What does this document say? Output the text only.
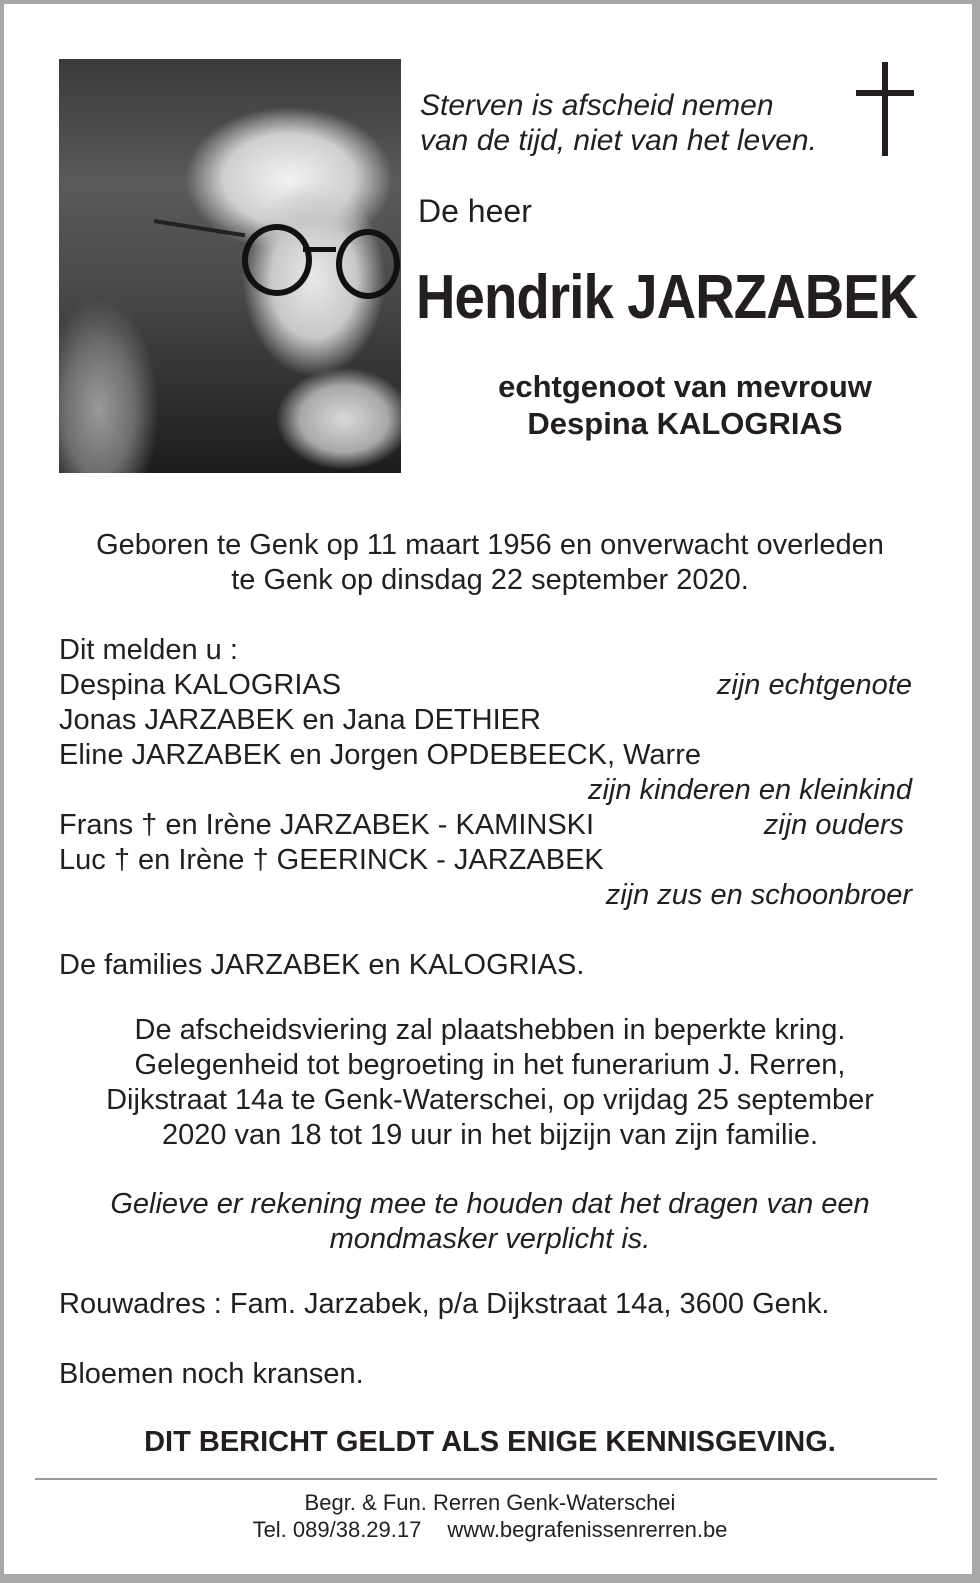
Sterven is afscheid nemen
van de tijd, niet van het leven.
De heer
Hendrik JARZABEK
echtgenoot van mevrouw
Despina KALOGRIAS
Geboren te Genk op 11 maart 1956 en onverwacht overleden
te Genk op dinsdag 22 september 2020.
Dit melden u :
Despina KALOGRIAS	zijn echtgenote
Jonas JARZABEK en Jana DETHIER
Eline JARZABEK en Jorgen OPDEBEECK, Warre
zijn kinderen en kleinkind
Frans † en Irène JARZABEK - KAMINSKI	zijn ouders
Luc † en Irène † GEERINCK - JARZABEK
zijn zus en schoonbroer
De families JARZABEK en KALOGRIAS.
De afscheidsviering zal plaatshebben in beperkte kring.
Gelegenheid tot begroeting in het funerarium J. Rerren,
Dijkstraat 14a te Genk-Waterschei, op vrijdag 25 september
2020 van 18 tot 19 uur in het bijzijn van zijn familie.
Gelieve er rekening mee te houden dat het dragen van een
mondmasker verplicht is.
Rouwadres : Fam. Jarzabek, p/a Dijkstraat 14a, 3600 Genk.
Bloemen noch kransen.
DIT BERICHT GELDT ALS ENIGE KENNISGEVING.
Begr. & Fun. Rerren Genk-Waterschei
Tel. 089/38.29.17 www.begrafenissenrerren.be
